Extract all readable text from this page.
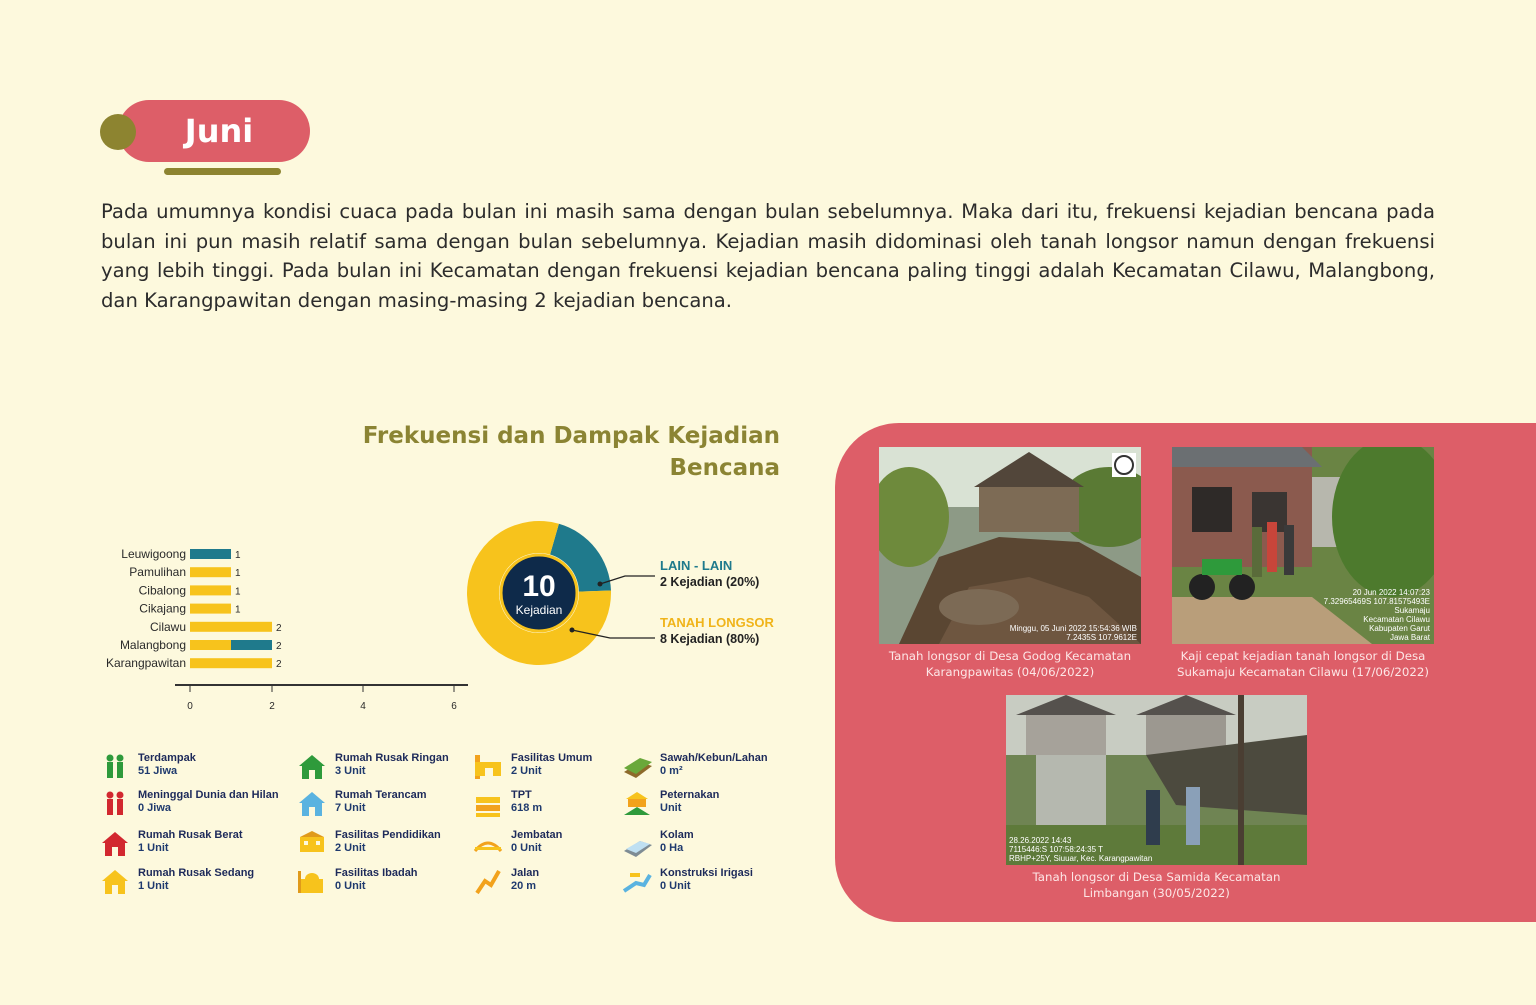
Juni

Pada umumnya kondisi cuaca pada bulan ini masih sama dengan bulan sebelumnya. Maka dari itu, frekuensi kejadian bencana pada bulan ini pun masih relatif sama dengan bulan sebelumnya. Kejadian masih didominasi oleh tanah longsor namun dengan frekuensi yang lebih tinggi. Pada bulan ini Kecamatan dengan frekuensi kejadian bencana paling tinggi adalah Kecamatan Cilawu, Malangbong, dan Karangpawitan dengan masing-masing 2 kejadian bencana.

Frekuensi dan Dampak Kejadian
Bencana
Leuwigoong	1
Pamulihan	1
Cibalong	1
Cikajang	1
Cilawu	2
Malangbong	2
Karangpawitan	2
0	2	4	6
10
Kejadian
LAIN - LAIN
2 Kejadian (20%)
TANAH LONGSOR
8 Kejadian (80%)
Terdampak
51 Jiwa
Meninggal Dunia dan Hilan
0 Jiwa
Rumah Rusak Berat
1 Unit
Rumah Rusak Sedang
1 Unit
Rumah Rusak Ringan
3 Unit
Rumah Terancam
7 Unit
Fasilitas Pendidikan
2 Unit
Fasilitas Ibadah
0 Unit
Fasilitas Umum
2 Unit
TPT
618 m
Jembatan
0 Unit
Jalan
20 m
Sawah/Kebun/Lahan
0 m²
Peternakan
Unit
Kolam
0 Ha
Konstruksi Irigasi
0 Unit
Minggu, 05 Juni 2022 15:54:36 WIB
7.2435S 107.9612E
20 Jun 2022 14:07:23
7.32965469S 107.81575493E
Sukamaju
Kecamatan Cilawu
Kabupaten Garut
Jawa Barat
28.26.2022 14:43
7115446:S 107:58:24:35 T
RBHP+25Y, Siuuar, Kec. Karangpawitan
Tanah longsor di Desa Godog Kecamatan Karangpawitas (04/06/2022)
Kaji cepat kejadian tanah longsor di Desa Sukamaju Kecamatan Cilawu (17/06/2022)
Tanah longsor di Desa Samida Kecamatan Limbangan (30/05/2022)
